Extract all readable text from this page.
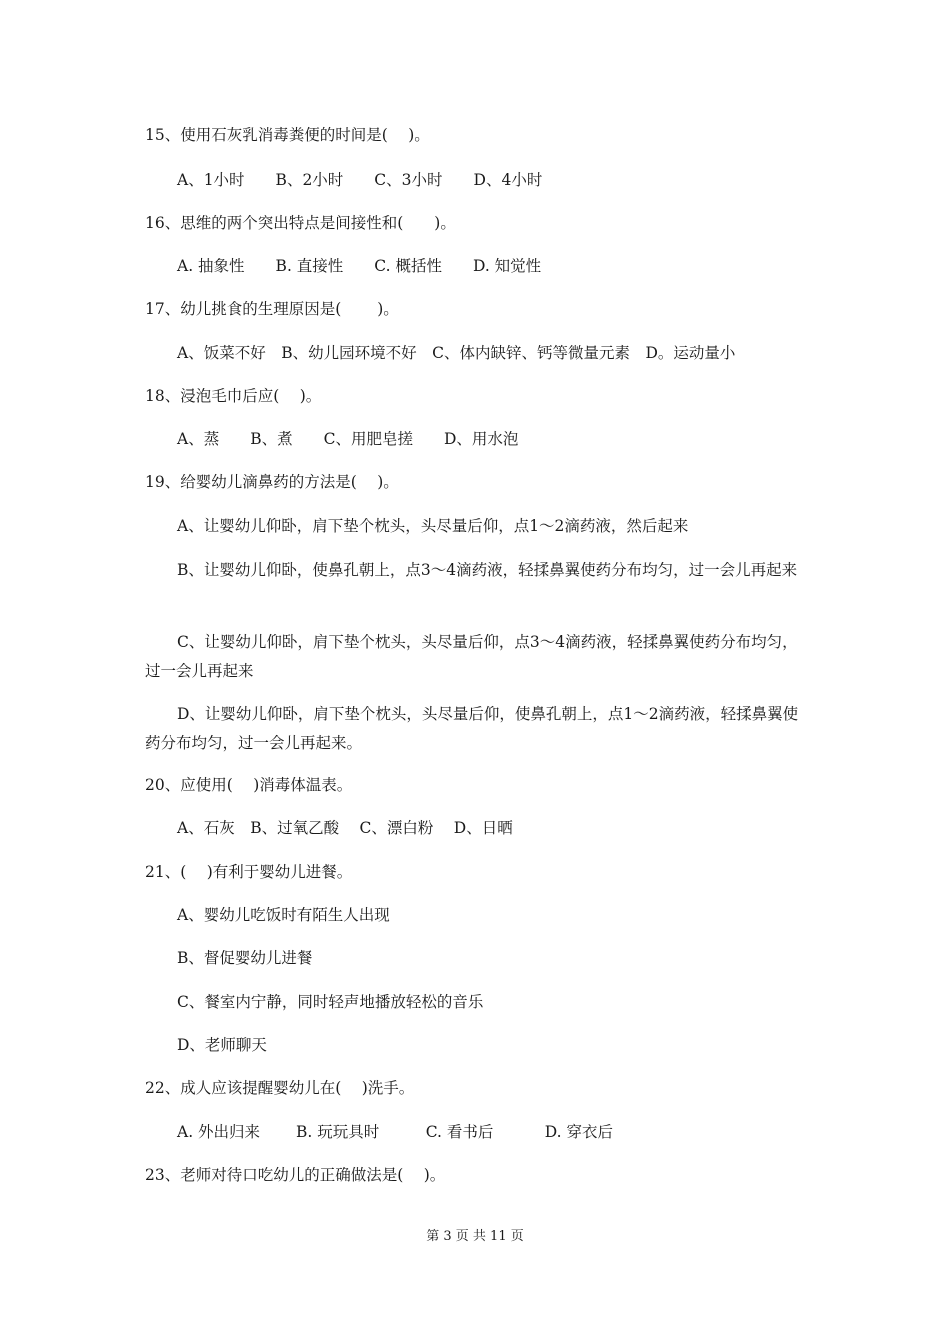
15、使用石灰乳消毒粪便的时间是(　 )。

A、1小时　　B、2小时　　C、3小时　　D、4小时

16、思维的两个突出特点是间接性和(　　)。

A. 抽象性　　B. 直接性　　C. 概括性　　D. 知觉性

17、幼儿挑食的生理原因是(　　 )。

A、饭菜不好　B、幼儿园环境不好　C、体内缺锌、钙等微量元素　D。运动量小

18、浸泡毛巾后应(　 )。

A、蒸　　B、煮　　C、用肥皂搓　　D、用水泡

19、给婴幼儿滴鼻药的方法是(　 )。

A、让婴幼儿仰卧，肩下垫个枕头，头尽量后仰，点1～2滴药液，然后起来

B、让婴幼儿仰卧，使鼻孔朝上，点3～4滴药液，轻揉鼻翼使药分布均匀，过一会儿再起来

C、让婴幼儿仰卧，肩下垫个枕头，头尽量后仰，点3～4滴药液，轻揉鼻翼使药分布均匀，过一会儿再起来

D、让婴幼儿仰卧，肩下垫个枕头，头尽量后仰，使鼻孔朝上，点1～2滴药液，轻揉鼻翼使药分布均匀，过一会儿再起来。

20、应使用(　 )消毒体温表。

A、石灰　B、过氧乙酸　 C、漂白粉　 D、日晒

21、(　 )有利于婴幼儿进餐。

A、婴幼儿吃饭时有陌生人出现

B、督促婴幼儿进餐

C、餐室内宁静，同时轻声地播放轻松的音乐

D、老师聊天

22、成人应该提醒婴幼儿在(　 )洗手。

A. 外出归来　　 B. 玩玩具时　　　C. 看书后　　　 D. 穿衣后

23、老师对待口吃幼儿的正确做法是(　 )。

第 3 页 共 11 页
